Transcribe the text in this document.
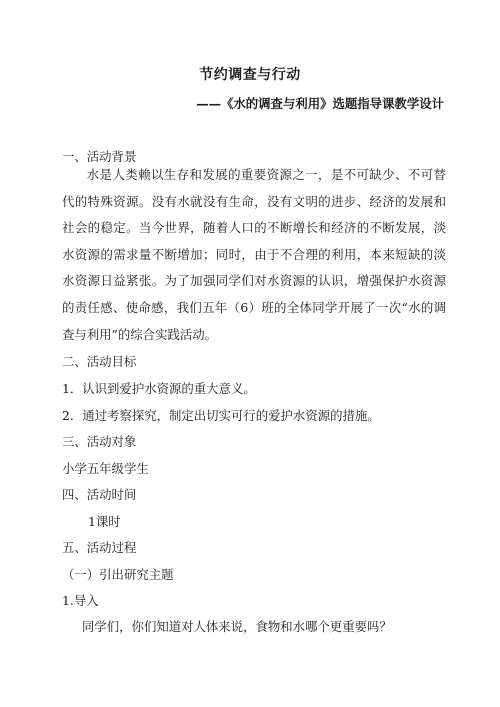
节约调查与行动
——《水的调查与利用》选题指导课教学设计
一、活动背景

水是人类赖以生存和发展的重要资源之一，是不可缺少、不可替代的特殊资源。没有水就没有生命，没有文明的进步、经济的发展和社会的稳定。当今世界，随着人口的不断增长和经济的不断发展，淡水资源的需求量不断增加；同时，由于不合理的利用，本来短缺的淡水资源日益紧张。为了加强同学们对水资源的认识，增强保护水资源的责任感、使命感，我们五年（6）班的全体同学开展了一次“水的调查与利用”的综合实践活动。

二、活动目标
1．认识到爱护水资源的重大意义。
2．通过考察探究，制定出切实可行的爱护水资源的措施。
三、活动对象
小学五年级学生
四、活动时间
1课时
五、活动过程
（一）引出研究主题
1.导入
同学们，你们知道对人体来说，食物和水哪个更重要吗？
